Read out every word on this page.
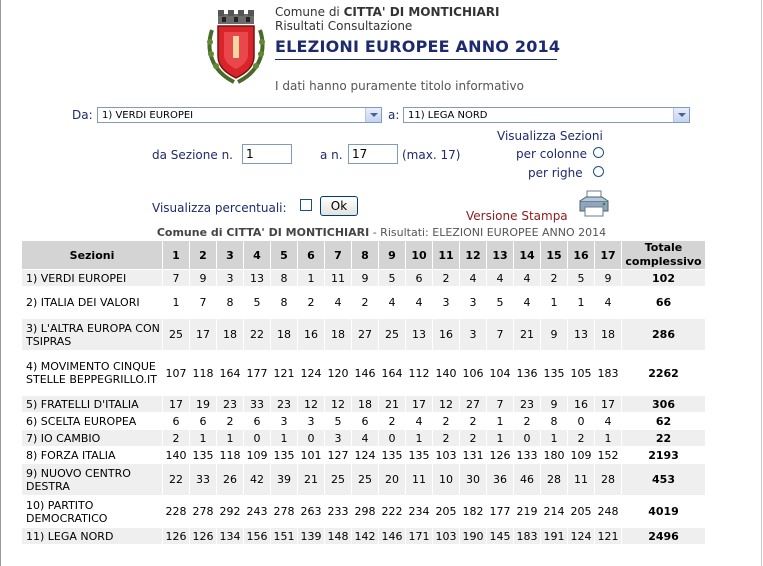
Comune di CITTA' DI MONTICHIARI
Risultati Consultazione
ELEZIONI EUROPEE ANNO 2014
I dati hanno puramente titolo informativo
Da: 1) VERDI EUROPEI	a: 11) LEGA NORD
da Sezione n.	1	a n. 17	(max. 17)
Visualizza Sezioni
per colonne
per righe
Visualizza percentuali:	Ok
Versione Stampa
Comune di CITTA' DI MONTICHIARI - Risultati: ELEZIONI EUROPEE ANNO 2014
Sezioni	1	2	3	4	5	6	7	8	9	10	11	12	13	14	15	16	17	Totale complessivo
1) VERDI EUROPEI	7	9	3	13	8	1	11	9	5	6	2	4	4	4	2	5	9	102
2) ITALIA DEI VALORI	1	7	8	5	8	2	4	2	4	4	3	3	5	4	1	1	4	66
3) L'ALTRA EUROPA CON TSIPRAS	25	17	18	22	18	16	18	27	25	13	16	3	7	21	9	13	18	286
4) MOVIMENTO CINQUE STELLE BEPPEGRILLO.IT	107	118	164	177	121	124	120	146	164	112	140	106	104	136	135	105	183	2262
5) FRATELLI D'ITALIA	17	19	23	33	23	12	12	18	21	17	12	27	7	23	9	16	17	306
6) SCELTA EUROPEA	6	6	2	6	3	3	5	6	2	4	2	2	1	2	8	0	4	62
7) IO CAMBIO	2	1	1	0	1	0	3	4	0	1	2	2	1	0	1	2	1	22
8) FORZA ITALIA	140	135	118	109	135	101	127	124	135	135	103	131	126	133	180	109	152	2193
9) NUOVO CENTRO DESTRA	22	33	26	42	39	21	25	25	20	11	10	30	36	46	28	11	28	453
10) PARTITO DEMOCRATICO	228	278	292	243	278	263	233	298	222	234	205	182	177	219	214	205	248	4019
11) LEGA NORD	126	126	134	156	151	139	148	142	146	171	103	190	145	183	191	124	121	2496
